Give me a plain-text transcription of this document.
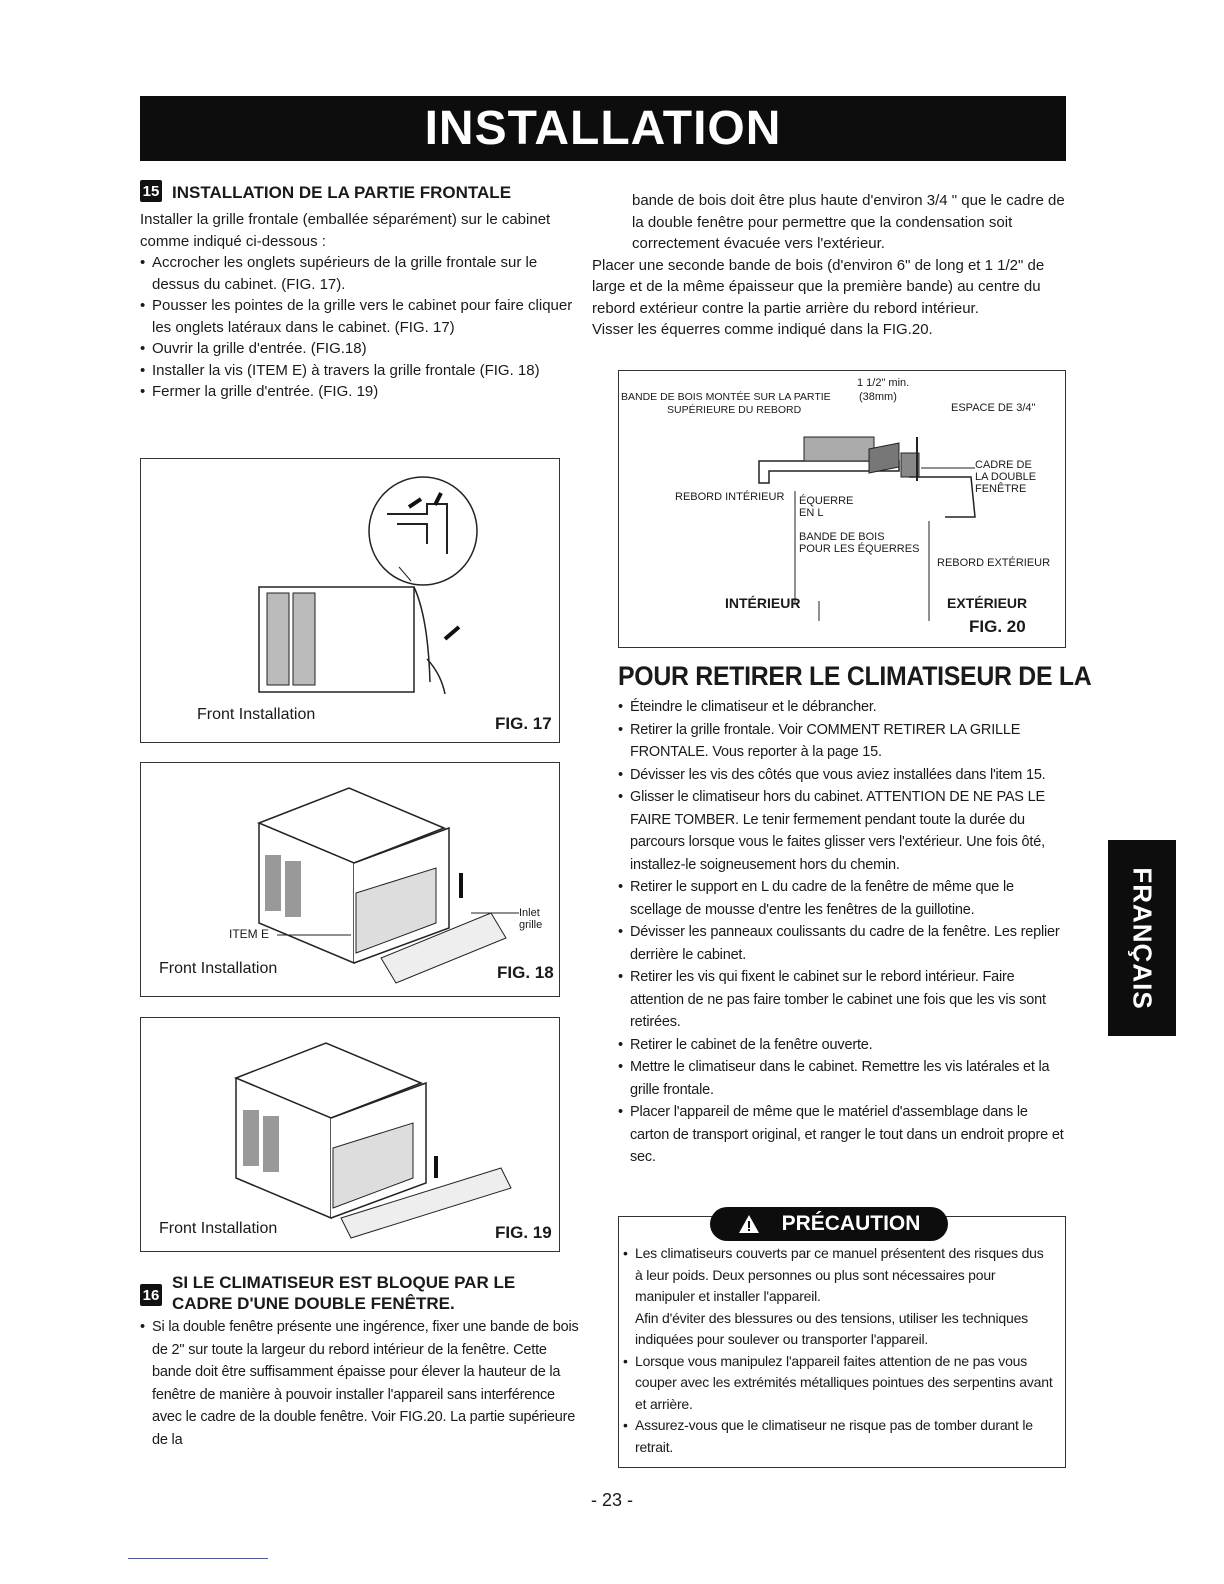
INSTALLATION
15 INSTALLATION DE LA PARTIE FRONTALE

Installer la grille frontale (emballée séparément) sur le cabinet comme indiqué ci-dessous :

• Accrocher les onglets supérieurs de la grille frontale sur le dessus du cabinet. (FIG. 17).
• Pousser les pointes de la grille vers le cabinet pour faire cliquer les onglets latéraux dans le cabinet. (FIG. 17)
• Ouvrir la grille d'entrée. (FIG.18)
• Installer la vis (ITEM E) à travers la grille frontale (FIG. 18)
• Fermer la grille d'entrée. (FIG. 19)
Front Installation	FIG. 17
ITEM E
Inlet grille
Front Installation	FIG. 18
Front Installation	FIG. 19
16
SI LE CLIMATISEUR EST BLOQUE PAR LE
CADRE D'UNE DOUBLE FENÊTRE.
• Si la double fenêtre présente une ingérence, fixer une bande de bois de 2" sur toute la largeur du rebord intérieur de la fenêtre. Cette bande doit être suffisamment épaisse pour élever la hauteur de la fenêtre de manière à pouvoir installer l'appareil sans interférence avec le cadre de la double fenêtre. Voir FIG.20. La partie supérieure de la

bande de bois doit être plus haute d'environ 3/4 " que le cadre de la double fenêtre pour permettre que la condensation soit correctement évacuée vers l'extérieur.

Placer une seconde bande de bois (d'environ 6" de long et 1 1/2" de large et de la même épaisseur que la première bande) au centre du rebord extérieur contre la partie arrière du rebord intérieur.

Visser les équerres comme indiqué dans la FIG.20.

1 1/2" min.
BANDE DE BOIS MONTÉE SUR LA PARTIE	(38mm)
SUPÉRIEURE DU REBORD	ESPACE DE 3/4"
CADRE DE
LA DOUBLE
FENÊTRE
REBORD INTÉRIEUR ÉQUERRE
EN L
BANDE DE BOIS
POUR LES ÉQUERRES
REBORD EXTÉRIEUR
INTÉRIEUR	EXTÉRIEUR
FIG. 20
POUR RETIRER LE CLIMATISEUR DE LA
• Éteindre le climatiseur et le débrancher.
• Retirer la grille frontale. Voir COMMENT RETIRER LA GRILLE FRONTALE. Vous reporter à la page 15.
• Dévisser les vis des côtés que vous aviez installées dans l'item 15.
• Glisser le climatiseur hors du cabinet. ATTENTION DE NE PAS LE FAIRE TOMBER. Le tenir fermement pendant toute la durée du parcours lorsque vous le faites glisser vers l'extérieur. Une fois ôté, installez-le soigneusement hors du chemin.
• Retirer le support en L du cadre de la fenêtre de même que le scellage de mousse d'entre les fenêtres de la guillotine.
• Dévisser les panneaux coulissants du cadre de la fenêtre. Les replier derrière le cabinet.
• Retirer les vis qui fixent le cabinet sur le rebord intérieur. Faire attention de ne pas faire tomber le cabinet une fois que les vis sont retirées.
• Retirer le cabinet de la fenêtre ouverte.
• Mettre le climatiseur dans le cabinet. Remettre les vis latérales et la grille frontale.
• Placer l'appareil de même que le matériel d'assemblage dans le carton de transport original, et ranger le tout dans un endroit propre et sec.
• Les climatiseurs couverts par ce manuel présentent des risques dus à leur poids. Deux personnes ou plus sont nécessaires pour manipuler et installer l'appareil.
Afin d'éviter des blessures ou des tensions, utiliser les techniques indiquées pour soulever ou transporter l'appareil.
• Lorsque vous manipulez l'appareil faites attention de ne pas vous couper avec les extrémités métalliques pointues des serpentins avant et arrière.
• Assurez-vous que le climatiseur ne risque pas de tomber durant le retrait.
PRÉCAUTION
FRANÇAIS
- 23 -
